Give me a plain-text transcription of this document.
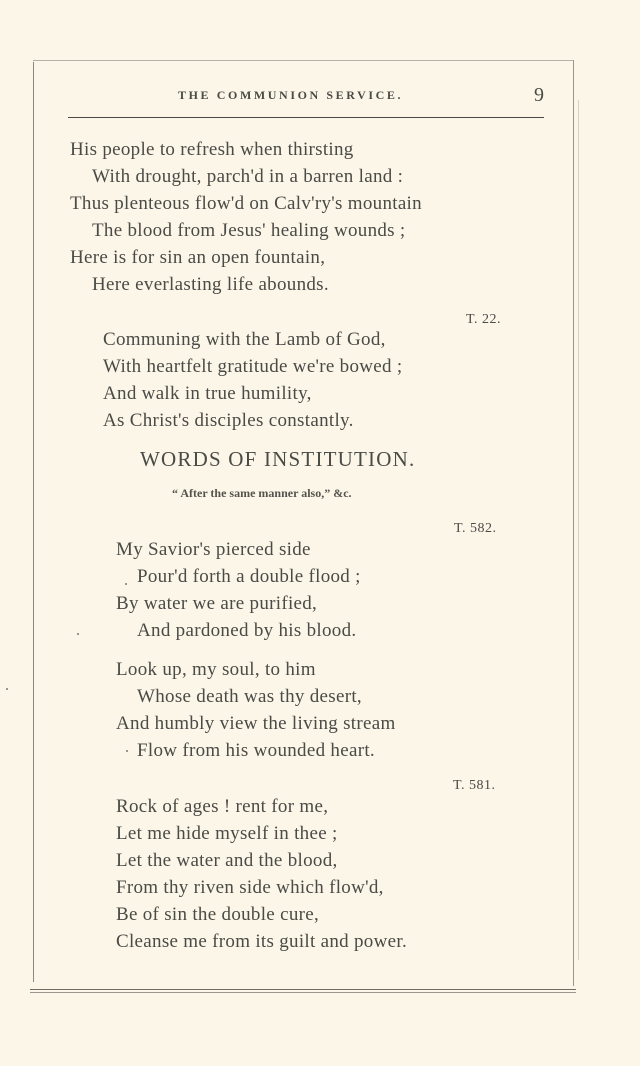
THE COMMUNION SERVICE.	9
His people to refresh when thirsting
With drought, parch'd in a barren land :
Thus plenteous flow'd on Calv'ry's mountain
The blood from Jesus' healing wounds ;
Here is for sin an open fountain,
Here everlasting life abounds.
T. 22.
Communing with the Lamb of God,
With heartfelt gratitude we're bowed ;
And walk in true humility,
As Christ's disciples constantly.
WORDS OF INSTITUTION.
“ After the same manner also,” &c.
T. 582.
My Savior's pierced side
Pour'd forth a double flood ;
By water we are purified,
And pardoned by his blood.
Look up, my soul, to him
Whose death was thy desert,
And humbly view the living stream
Flow from his wounded heart.
T. 581.
Rock of ages ! rent for me,
Let me hide myself in thee ;
Let the water and the blood,
From thy riven side which flow'd,
Be of sin the double cure,
Cleanse me from its guilt and power.
